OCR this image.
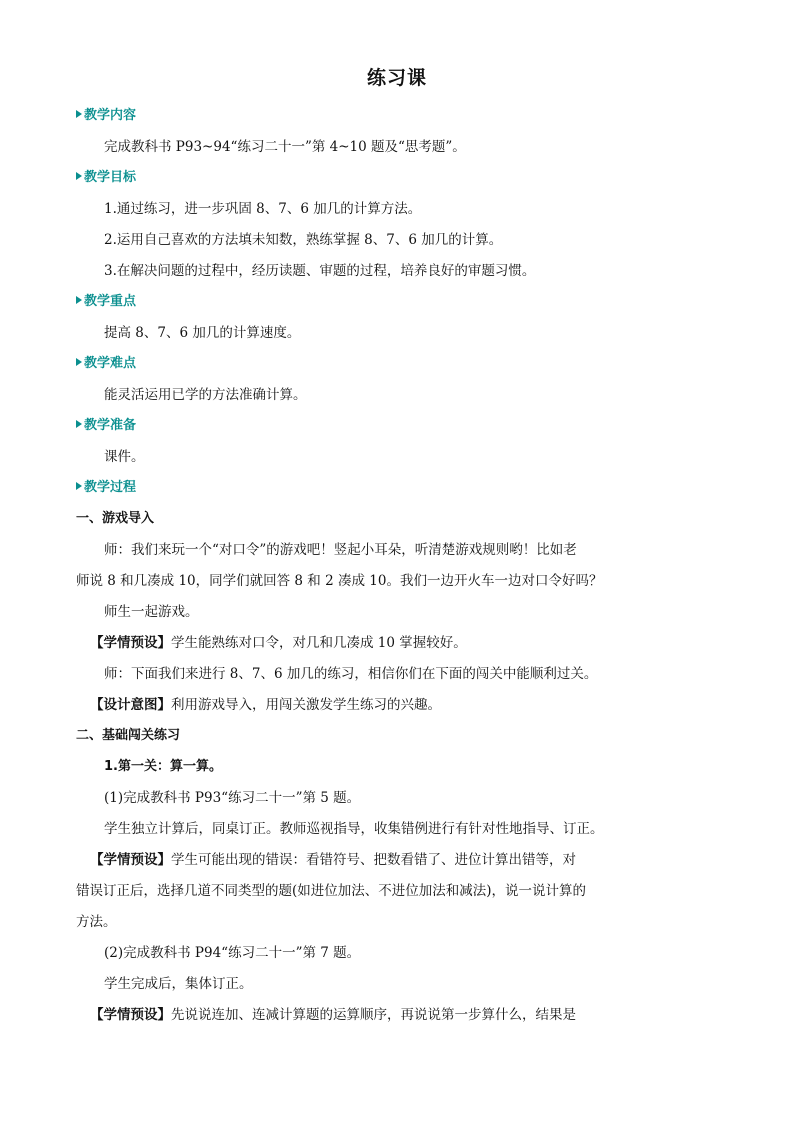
练习课
教学内容
完成教科书 P93~94“练习二十一”第 4~10 题及“思考题”。
教学目标
1.通过练习，进一步巩固 8、7、6 加几的计算方法。
2.运用自己喜欢的方法填未知数，熟练掌握 8、7、6 加几的计算。
3.在解决问题的过程中，经历读题、审题的过程，培养良好的审题习惯。
教学重点
提高 8、7、6 加几的计算速度。
教学难点
能灵活运用已学的方法准确计算。
教学准备
课件。
教学过程
一、游戏导入
师：我们来玩一个“对口令”的游戏吧！竖起小耳朵，听清楚游戏规则哟！比如老
师说 8 和几凑成 10，同学们就回答 8 和 2 凑成 10。我们一边开火车一边对口令好吗？
师生一起游戏。
【学情预设】学生能熟练对口令，对几和几凑成 10 掌握较好。
师：下面我们来进行 8、7、6 加几的练习，相信你们在下面的闯关中能顺利过关。
【设计意图】利用游戏导入，用闯关激发学生练习的兴趣。
二、基础闯关练习
1.第一关：算一算。
(1)完成教科书 P93“练习二十一”第 5 题。
学生独立计算后，同桌订正。教师巡视指导，收集错例进行有针对性地指导、订正。
【学情预设】学生可能出现的错误：看错符号、把数看错了、进位计算出错等，对
错误订正后，选择几道不同类型的题(如进位加法、不进位加法和减法)，说一说计算的
方法。
(2)完成教科书 P94“练习二十一”第 7 题。
学生完成后，集体订正。
【学情预设】先说说连加、连减计算题的运算顺序，再说说第一步算什么，结果是
